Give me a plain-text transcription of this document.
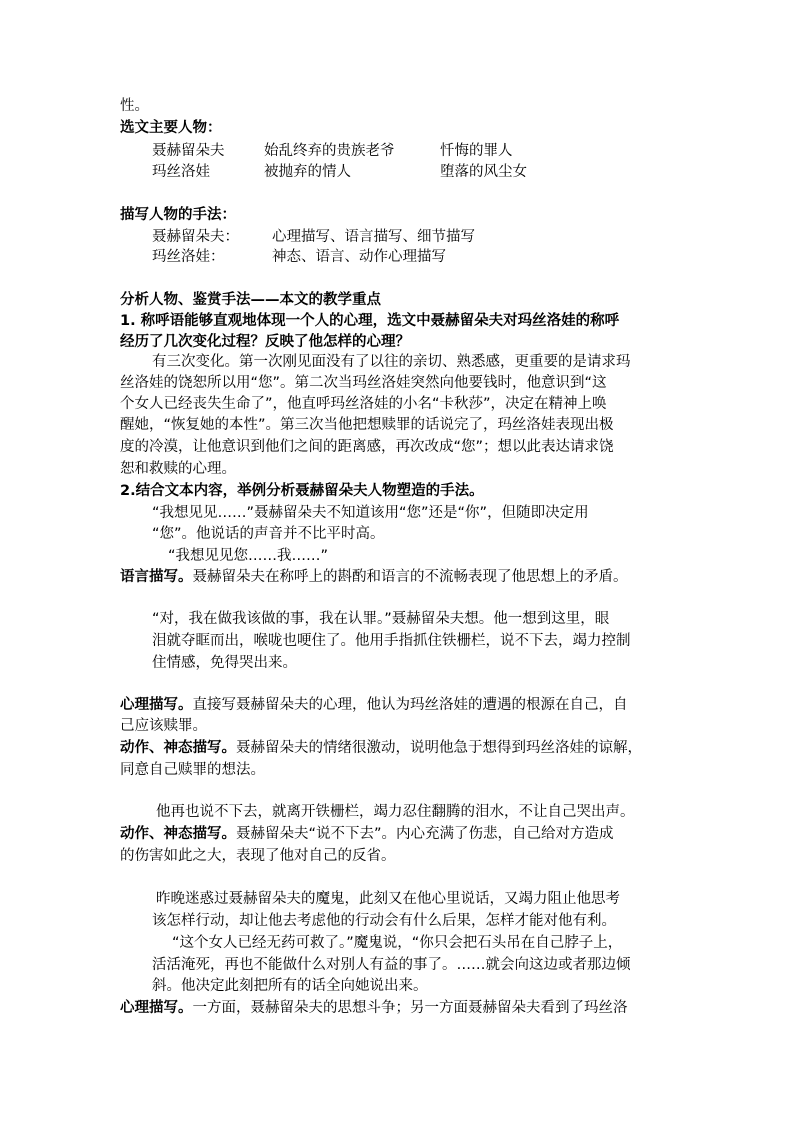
性。
选文主要人物：
聂赫留朵夫	始乱终弃的贵族老爷	忏悔的罪人
玛丝洛娃	被抛弃的情人	堕落的风尘女
描写人物的手法：
聂赫留朵夫： 心理描写、语言描写、细节描写
玛丝洛娃：	神态、语言、动作心理描写
分析人物、鉴赏手法——本文的教学重点
1. 称呼语能够直观地体现一个人的心理，选文中聂赫留朵夫对玛丝洛娃的称呼
经历了几次变化过程？反映了他怎样的心理？
有三次变化。第一次刚见面没有了以往的亲切、熟悉感，更重要的是请求玛
丝洛娃的饶恕所以用“您”。第二次当玛丝洛娃突然向他要钱时，他意识到“这
个女人已经丧失生命了”，他直呼玛丝洛娃的小名“卡秋莎”，决定在精神上唤
醒她，“恢复她的本性”。第三次当他把想赎罪的话说完了，玛丝洛娃表现出极
度的冷漠，让他意识到他们之间的距离感，再次改成“您”；想以此表达请求饶
恕和救赎的心理。
2.结合文本内容，举例分析聂赫留朵夫人物塑造的手法。
“我想见见……”聂赫留朵夫不知道该用“您”还是“你”，但随即决定用
“您”。他说话的声音并不比平时高。
“我想见见您……我……”
语言描写。聂赫留朵夫在称呼上的斟酌和语言的不流畅表现了他思想上的矛盾。
“对，我在做我该做的事，我在认罪。”聂赫留朵夫想。他一想到这里，眼
泪就夺眶而出，喉咙也哽住了。他用手指抓住铁栅栏，说不下去，竭力控制
住情感，免得哭出来。
心理描写。直接写聂赫留朵夫的心理，他认为玛丝洛娃的遭遇的根源在自己，自
己应该赎罪。
动作、神态描写。聂赫留朵夫的情绪很激动，说明他急于想得到玛丝洛娃的谅解，
同意自己赎罪的想法。
他再也说不下去，就离开铁栅栏，竭力忍住翻腾的泪水，不让自己哭出声。
动作、神态描写。聂赫留朵夫“说不下去”。内心充满了伤悲，自己给对方造成
的伤害如此之大，表现了他对自己的反省。
昨晚迷惑过聂赫留朵夫的魔鬼，此刻又在他心里说话，又竭力阻止他思考
该怎样行动，却让他去考虑他的行动会有什么后果，怎样才能对他有利。
“这个女人已经无药可救了。”魔鬼说，“你只会把石头吊在自己脖子上，
活活淹死，再也不能做什么对别人有益的事了。……就会向这边或者那边倾
斜。他决定此刻把所有的话全向她说出来。
心理描写。一方面，聂赫留朵夫的思想斗争；另一方面聂赫留朵夫看到了玛丝洛
